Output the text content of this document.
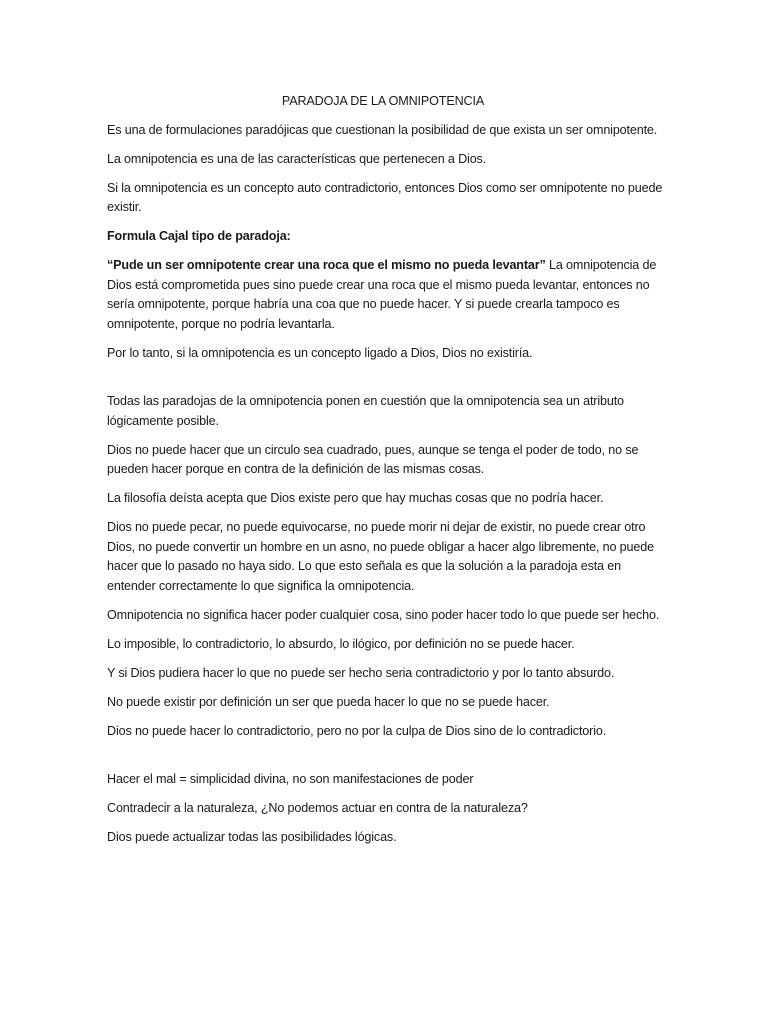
PARADOJA DE LA OMNIPOTENCIA

Es una de formulaciones paradójicas que cuestionan la posibilidad de que exista un ser omnipotente.

La omnipotencia es una de las características que pertenecen a Dios.

Si la omnipotencia es un concepto auto contradictorio, entonces Dios como ser omnipotente no puede existir.

Formula Cajal tipo de paradoja:

“Pude un ser omnipotente crear una roca que el mismo no pueda levantar” La omnipotencia de Dios está comprometida pues sino puede crear una roca que el mismo pueda levantar, entonces no sería omnipotente, porque habría una coa que no puede hacer. Y si puede crearla tampoco es omnipotente, porque no podría levantarla.

Por lo tanto, si la omnipotencia es un concepto ligado a Dios, Dios no existiría.

Todas las paradojas de la omnipotencia ponen en cuestión que la omnipotencia sea un atributo lógicamente posible.

Dios no puede hacer que un circulo sea cuadrado, pues, aunque se tenga el poder de todo, no se pueden hacer porque en contra de la definición de las mismas cosas.

La filosofía deísta acepta que Dios existe pero que hay muchas cosas que no podría hacer.

Dios no puede pecar, no puede equivocarse, no puede morir ni dejar de existir, no puede crear otro Dios, no puede convertir un hombre en un asno, no puede obligar a hacer algo libremente, no puede hacer que lo pasado no haya sido. Lo que esto señala es que la solución a la paradoja esta en entender correctamente lo que significa la omnipotencia.

Omnipotencia no significa hacer poder cualquier cosa, sino poder hacer todo lo que puede ser hecho.

Lo imposible, lo contradictorio, lo absurdo, lo ilógico, por definición no se puede hacer.

Y si Dios pudiera hacer lo que no puede ser hecho seria contradictorio y por lo tanto absurdo.

No puede existir por definición un ser que pueda hacer lo que no se puede hacer.

Dios no puede hacer lo contradictorio, pero no por la culpa de Dios sino de lo contradictorio.

Hacer el mal = simplicidad divina, no son manifestaciones de poder

Contradecir a la naturaleza, ¿No podemos actuar en contra de la naturaleza?

Dios puede actualizar todas las posibilidades lógicas.
